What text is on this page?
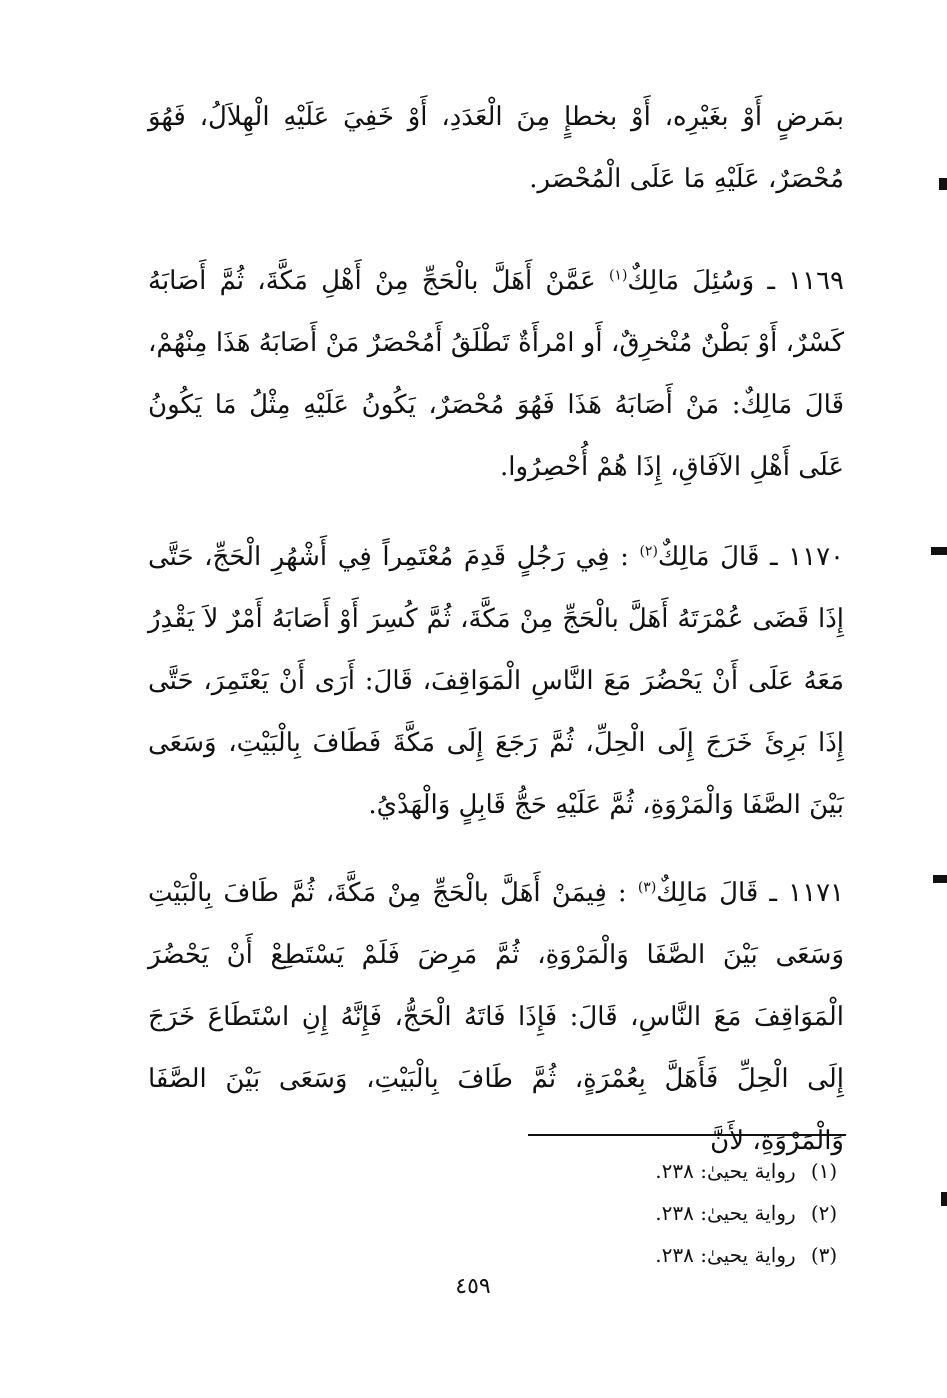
بمَرضٍ أَوْ بغَيْرِه، أَوْ بخطإٍ مِنَ الْعَدَدِ، أَوْ خَفِيَ عَلَيْهِ الْهِلاَلُ، فَهُوَ مُحْصَرٌ، عَلَيْهِ مَا عَلَى الْمُحْصَر.

١١٦٩ ـ وَسُئِلَ مَالِكٌ$^{(١)}$ عَمَّنْ أَهَلَّ بالْحَجِّ مِنْ أَهْلِ مَكَّةَ، ثُمَّ أَصَابَهُ كَسْرٌ، أَوْ بَطْنٌ مُنْخرِقٌ، أَو امْرأَةٌ تَطْلَقُ أَمُحْصَرٌ مَنْ أَصَابَهُ هَذَا مِنْهُمْ، قَالَ مَالِكٌ: مَنْ أَصَابَهُ هَذَا فَهُوَ مُحْصَرٌ، يَكُونُ عَلَيْهِ مِثْلُ مَا يَكُونُ عَلَى أَهْلِ الآفَاقِ، إِذَا هُمْ أُحْصِرُوا.

١١٧٠ ـ قَالَ مَالِكٌ$^{(٢)}$ : فِي رَجُلٍ قَدِمَ مُعْتَمِراً فِي أَشْهُرِ الْحَجِّ، حَتَّى إِذَا قَضَى عُمْرَتَهُ أَهَلَّ بالْحَجِّ مِنْ مَكَّةَ، ثُمَّ كُسِرَ أَوْ أَصَابَهُ أَمْرٌ لاَ يَقْدِرُ مَعَهُ عَلَى أَنْ يَحْضُرَ مَعَ النَّاسِ الْمَوَاقِفَ، قَالَ: أَرَى أَنْ يَعْتَمِرَ، حَتَّى إِذَا بَرِئَ خَرَجَ إِلَى الْحِلِّ، ثُمَّ رَجَعَ إِلَى مَكَّةَ فَطَافَ بِالْبَيْتِ، وَسَعَى بَيْنَ الصَّفَا وَالْمَرْوَةِ، ثُمَّ عَلَيْهِ حَجُّ قَابِلٍ وَالْهَدْيُ.

١١٧١ ـ قَالَ مَالِكٌ$^{(٣)}$ : فِيمَنْ أَهَلَّ بالْحَجِّ مِنْ مَكَّةَ، ثُمَّ طَافَ بِالْبَيْتِ وَسَعَى بَيْنَ الصَّفَا وَالْمَرْوَةِ، ثُمَّ مَرِضَ فَلَمْ يَسْتَطِعْ أَنْ يَحْضُرَ الْمَوَاقِفَ مَعَ النَّاسِ، قَالَ: فَإِذَا فَاتَهُ الْحَجُّ، فَإِنَّهُ إِنِ اسْتَطَاعَ خَرَجَ إِلَى الْحِلِّ فَأَهَلَّ بِعُمْرَةٍ، ثُمَّ طَافَ بِالْبَيْتِ، وَسَعَى بَيْنَ الصَّفَا وَالْمَرْوَةِ، لأَنَّ

(١) رواية يحيىٰ: ٢٣٨.
(٢) رواية يحيىٰ: ٢٣٨.
(٣) رواية يحيىٰ: ٢٣٨.
٤٥٩
